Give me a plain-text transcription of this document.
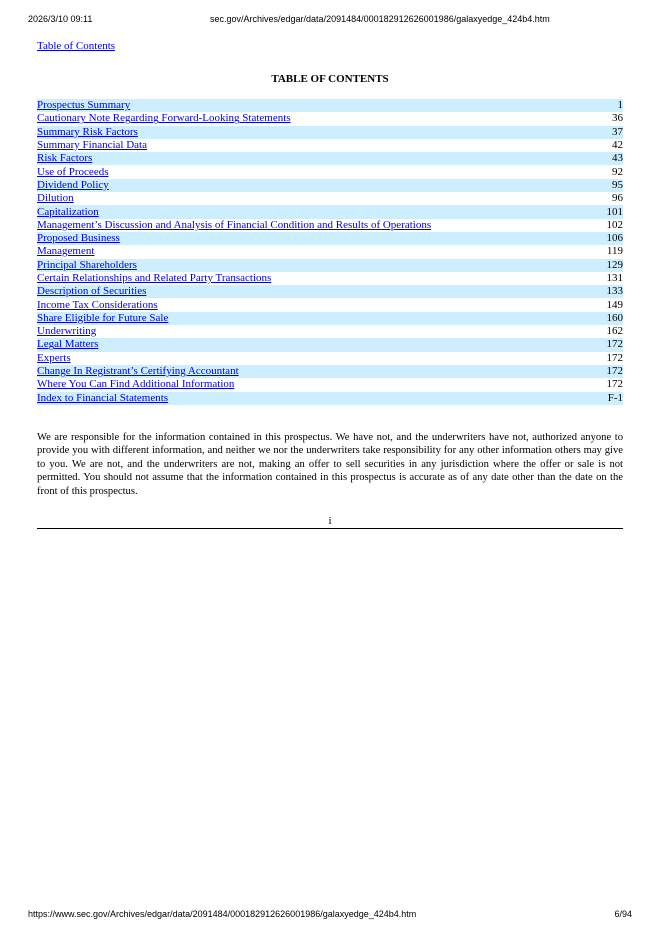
2026/3/10 09:11	sec.gov/Archives/edgar/data/2091484/000182912626001986/galaxyedge_424b4.htm
Table of Contents
TABLE OF CONTENTS
Prospectus Summary	1
Cautionary Note Regarding Forward-Looking Statements	36
Summary Risk Factors	37
Summary Financial Data	42
Risk Factors	43
Use of Proceeds	92
Dividend Policy	95
Dilution	96
Capitalization	101
Management’s Discussion and Analysis of Financial Condition and Results of Operations	102
Proposed Business	106
Management	119
Principal Shareholders	129
Certain Relationships and Related Party Transactions	131
Description of Securities	133
Income Tax Considerations	149
Share Eligible for Future Sale	160
Underwriting	162
Legal Matters	172
Experts	172
Change In Registrant’s Certifying Accountant	172
Where You Can Find Additional Information	172
Index to Financial Statements	F-1
We are responsible for the information contained in this prospectus. We have not, and the underwriters have not, authorized anyone to provide you with different information, and neither we nor the underwriters take responsibility for any other information others may give to you. We are not, and the underwriters are not, making an offer to sell securities in any jurisdiction where the offer or sale is not permitted. You should not assume that the information contained in this prospectus is accurate as of any date other than the date on the front of this prospectus.
i
https://www.sec.gov/Archives/edgar/data/2091484/000182912626001986/galaxyedge_424b4.htm	6/94
